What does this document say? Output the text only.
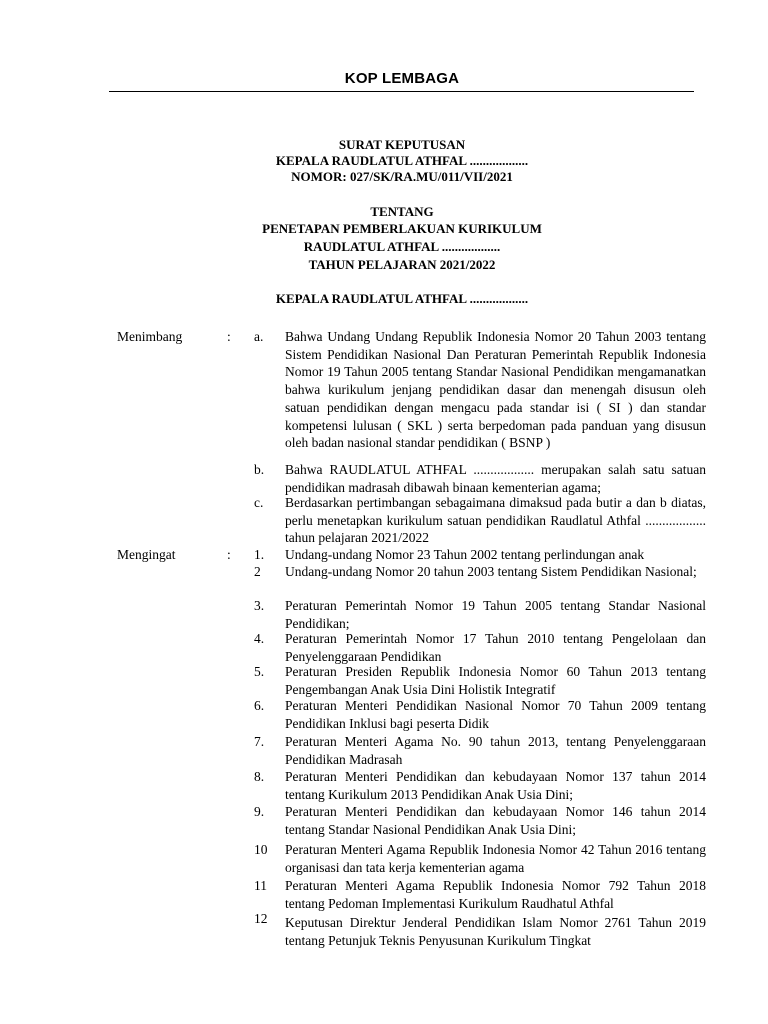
KOP LEMBAGA
SURAT KEPUTUSAN
KEPALA RAUDLATUL ATHFAL ..................
NOMOR: 027/SK/RA.MU/011/VII/2021
TENTANG
PENETAPAN PEMBERLAKUAN KURIKULUM
RAUDLATUL ATHFAL ..................
TAHUN PELAJARAN 2021/2022
KEPALA RAUDLATUL ATHFAL ..................
Menimbang	: a. Bahwa Undang Undang Republik Indonesia Nomor 20 Tahun 2003 tentang Sistem Pendidikan Nasional Dan Peraturan Pemerintah Republik Indonesia Nomor 19 Tahun 2005 tentang Standar Nasional Pendidikan mengamanatkan bahwa kurikulum jenjang pendidikan dasar dan menengah disusun oleh satuan pendidikan dengan mengacu pada standar isi ( SI ) dan standar kompetensi lulusan ( SKL ) serta berpedoman pada panduan yang disusun oleh badan nasional standar pendidikan ( BSNP )
b. Bahwa RAUDLATUL ATHFAL .................. merupakan salah satu satuan pendidikan madrasah dibawah binaan kementerian agama;
c. Berdasarkan pertimbangan sebagaimana dimaksud pada butir a dan b diatas, perlu menetapkan kurikulum satuan pendidikan Raudlatul Athfal .................. tahun pelajaran 2021/2022
Mengingat	: 1. Undang-undang Nomor 23 Tahun 2002 tentang perlindungan anak
2 Undang-undang Nomor 20 tahun 2003 tentang Sistem Pendidikan Nasional;
3. Peraturan Pemerintah Nomor 19 Tahun 2005 tentang Standar Nasional Pendidikan;
4. Peraturan Pemerintah Nomor 17 Tahun 2010 tentang Pengelolaan dan Penyelenggaraan Pendidikan
5. Peraturan Presiden Republik Indonesia Nomor 60 Tahun 2013 tentang Pengembangan Anak Usia Dini Holistik Integratif
6. Peraturan Menteri Pendidikan Nasional Nomor 70 Tahun 2009 tentang Pendidikan Inklusi bagi peserta Didik
7. Peraturan Menteri Agama No. 90 tahun 2013, tentang Penyelenggaraan Pendidikan Madrasah
8. Peraturan Menteri Pendidikan dan kebudayaan Nomor 137 tahun 2014 tentang Kurikulum 2013 Pendidikan Anak Usia Dini;
9. Peraturan Menteri Pendidikan dan kebudayaan Nomor 146 tahun 2014 tentang Standar Nasional Pendidikan Anak Usia Dini;
10 Peraturan Menteri Agama Republik Indonesia Nomor 42 Tahun 2016 tentang organisasi dan tata kerja kementerian agama
11 Peraturan Menteri Agama Republik Indonesia Nomor 792 Tahun 2018 tentang Pedoman Implementasi Kurikulum Raudhatul Athfal
12 Keputusan Direktur Jenderal Pendidikan Islam Nomor 2761 Tahun 2019 tentang Petunjuk Teknis Penyusunan Kurikulum Tingkat
